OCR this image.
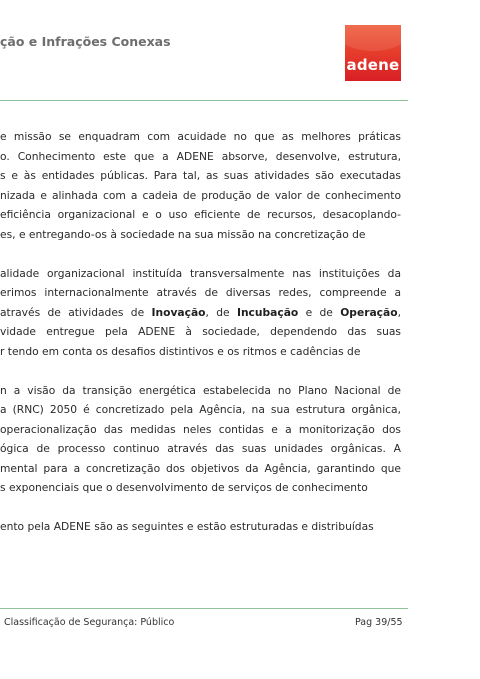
ção e Infrações Conexas
adene
e missão se enquadram com acuidade no que as melhores práticas
o. Conhecimento este que a ADENE absorve, desenvolve, estrutura,
s e às entidades públicas. Para tal, as suas atividades são executadas
nizada e alinhada com a cadeia de produção de valor de conhecimento
eficiência organizacional e o uso eficiente de recursos, desacoplando-
es, e entregando-os à sociedade na sua missão na concretização de
alidade organizacional instituída transversalmente nas instituições da
erimos internacionalmente através de diversas redes, compreende a
através de atividades de Inovação, de Incubação e de Operação,
vidade entregue pela ADENE à sociedade, dependendo das suas
r tendo em conta os desafios distintivos e os ritmos e cadências de
n a visão da transição energética estabelecida no Plano Nacional de
a (RNC) 2050 é concretizado pela Agência, na sua estrutura orgânica,
operacionalização das medidas neles contidas e a monitorização dos
ógica de processo continuo através das suas unidades orgânicas. A
mental para a concretização dos objetivos da Agência, garantindo que
s exponenciais que o desenvolvimento de serviços de conhecimento
ento pela ADENE são as seguintes e estão estruturadas e distribuídas
Classificação de Segurança: Público	Pag 39/55
